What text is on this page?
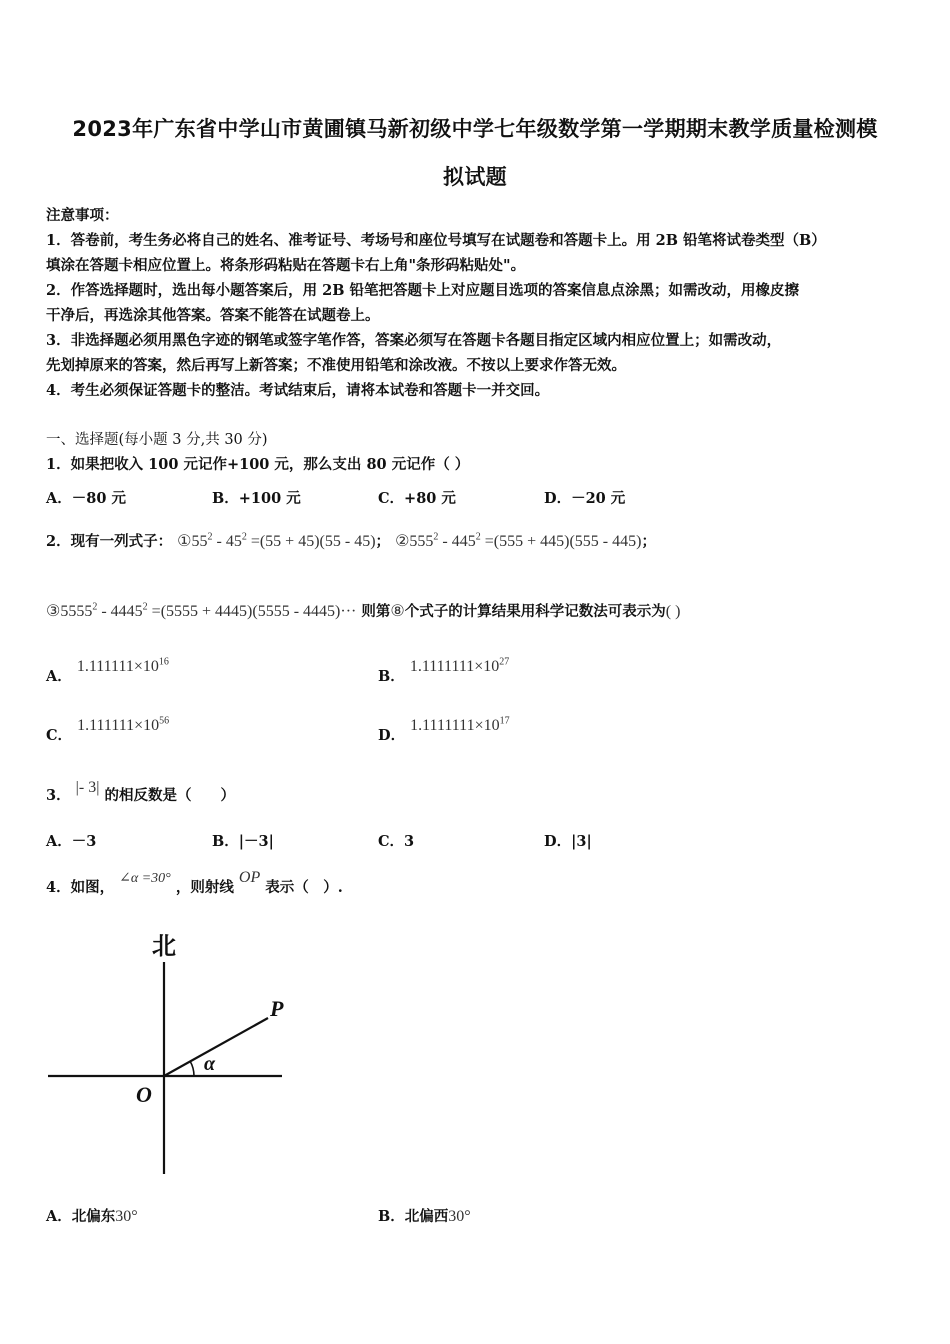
2023年广东省中学山市黄圃镇马新初级中学七年级数学第一学期期末教学质量检测模
拟试题
注意事项：
1．答卷前，考生务必将自己的姓名、准考证号、考场号和座位号填写在试题卷和答题卡上。用 2B 铅笔将试卷类型（B）
填涂在答题卡相应位置上。将条形码粘贴在答题卡右上角"条形码粘贴处"。
2．作答选择题时，选出每小题答案后，用 2B 铅笔把答题卡上对应题目选项的答案信息点涂黑；如需改动，用橡皮擦
干净后，再选涂其他答案。答案不能答在试题卷上。
3．非选择题必须用黑色字迹的钢笔或签字笔作答，答案必须写在答题卡各题目指定区域内相应位置上；如需改动，
先划掉原来的答案，然后再写上新答案；不准使用铅笔和涂改液。不按以上要求作答无效。
4．考生必须保证答题卡的整洁。考试结束后，请将本试卷和答题卡一并交回。
一、选择题(每小题 3 分,共 30 分)
1．如果把收入 100 元记作+100 元，那么支出 80 元记作（ ）
A．－80 元	B．+100 元	C．+80 元	D．－20 元
2．现有一列式子： $①55^2 - 45^2 =(55 + 45)(55 - 45)$； $②555^2 - 445^2 =(555 + 445)(555 - 445)$；
③5555$^2$ - $4445^2 =(5555 + 4445)(5555 - 4445)\cdot\cdot\cdot$ 则第⑧个式子的计算结果用科学记数法可表示为( )
A． $1.111111\times 10^{16}$
B． $1.1111111\times 10^{27}$
C． $1.111111\times 10^{56}$
D． $1.1111111\times 10^{17}$
3． |- 3| 的相反数是（　　）
A．－3	B．|－3|	C．3	D．|3|
4．如图， ∠α =30° ，则射线 OP 表示（　）.
北
P
α
O
A．北偏东30°	B．北偏西30°
